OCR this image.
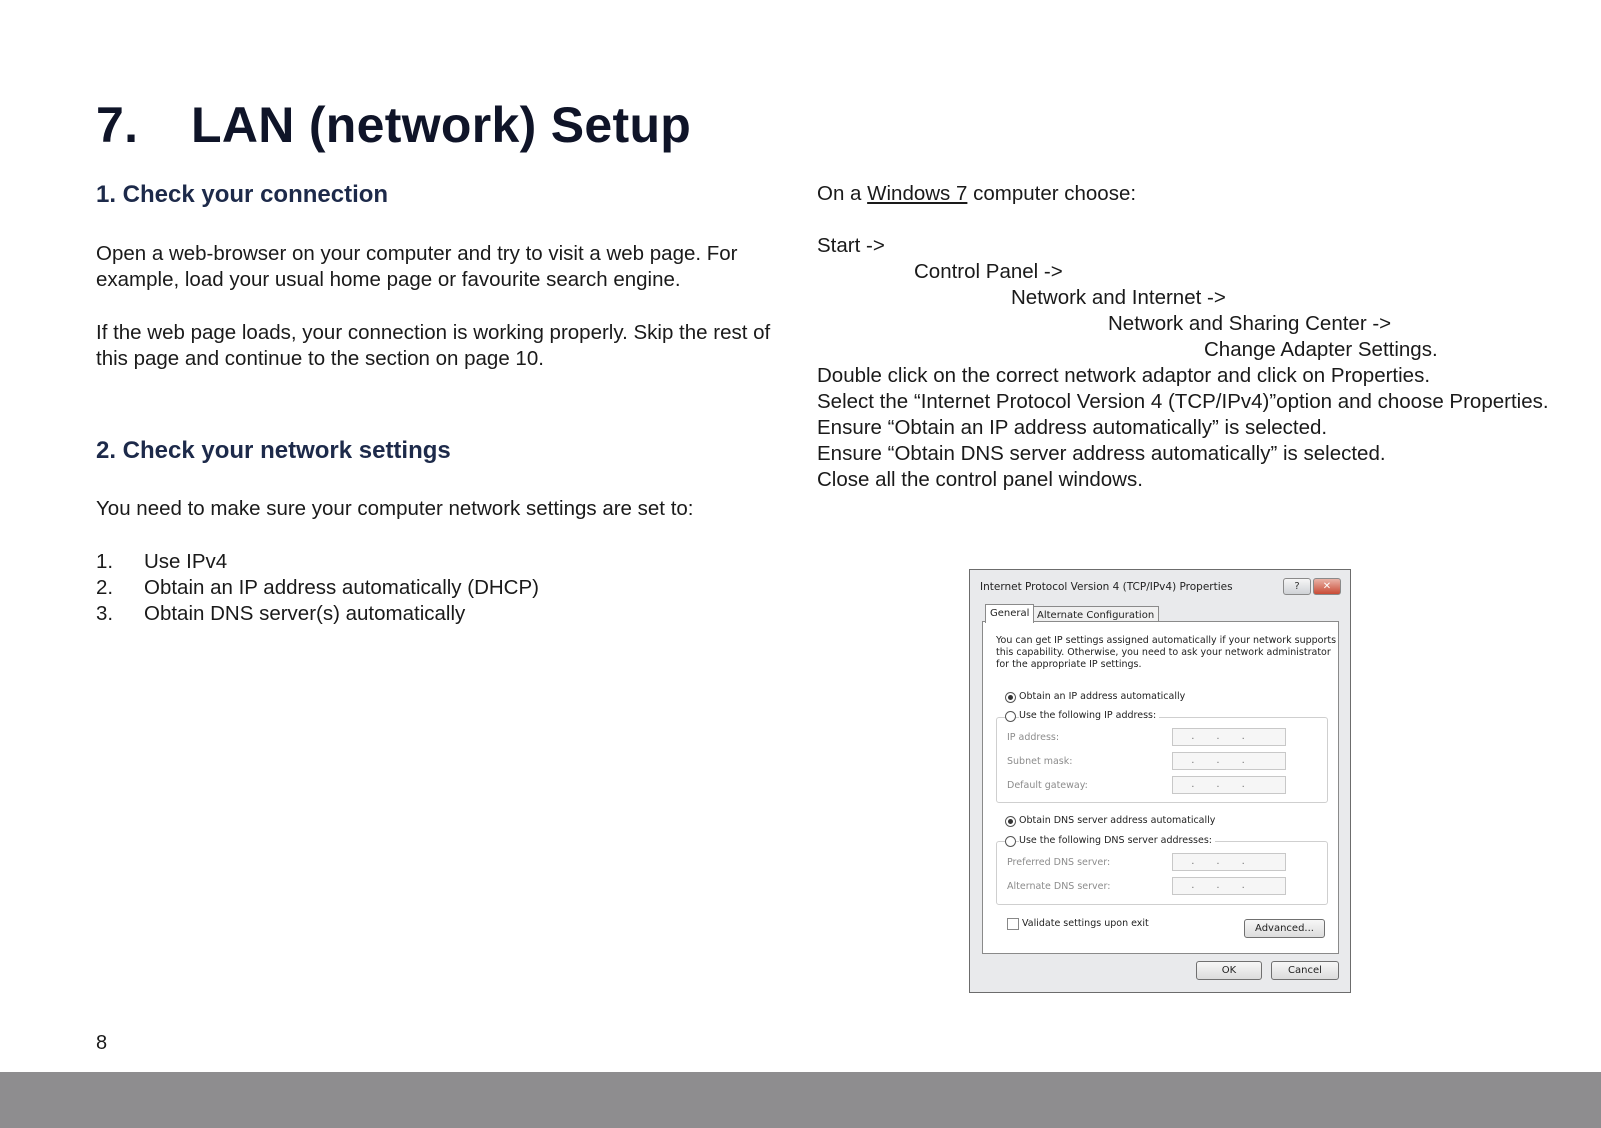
7. LAN (network) Setup
1. Check your connection

Open a web-browser on your computer and try to visit a web page. For example, load your usual home page or favourite search engine.

If the web page loads, your connection is working properly. Skip the rest of this page and continue to the section on page 10.

2. Check your network settings

You need to make sure your computer network settings are set to:

1.	Use IPv4
2.	Obtain an IP address automatically (DHCP)
3.	Obtain DNS server(s) automatically
On a Windows 7 computer choose:
Start ->
Control Panel ->
Network and Internet ->
Network and Sharing Center ->
Change Adapter Settings.

Double click on the correct network adaptor and click on Properties.

Select the “Internet Protocol Version 4 (TCP/IPv4)”option and choose Properties.

Ensure “Obtain an IP address automatically” is selected.

Ensure “Obtain DNS server address automatically” is selected.

Close all the control panel windows.

Internet Protocol Version 4 (TCP/IPv4) Properties	?	✕
General Alternate Configuration
You can get IP settings assigned automatically if your network supports
this capability. Otherwise, you need to ask your network administrator
for the appropriate IP settings.
Obtain an IP address automatically
Use the following IP address:
IP address:	...
Subnet mask:	...
Default gateway:	...
Obtain DNS server address automatically
Use the following DNS server addresses:
Preferred DNS server:	...
Alternate DNS server:	...
Validate settings upon exit	Advanced...
OK	Cancel
8
